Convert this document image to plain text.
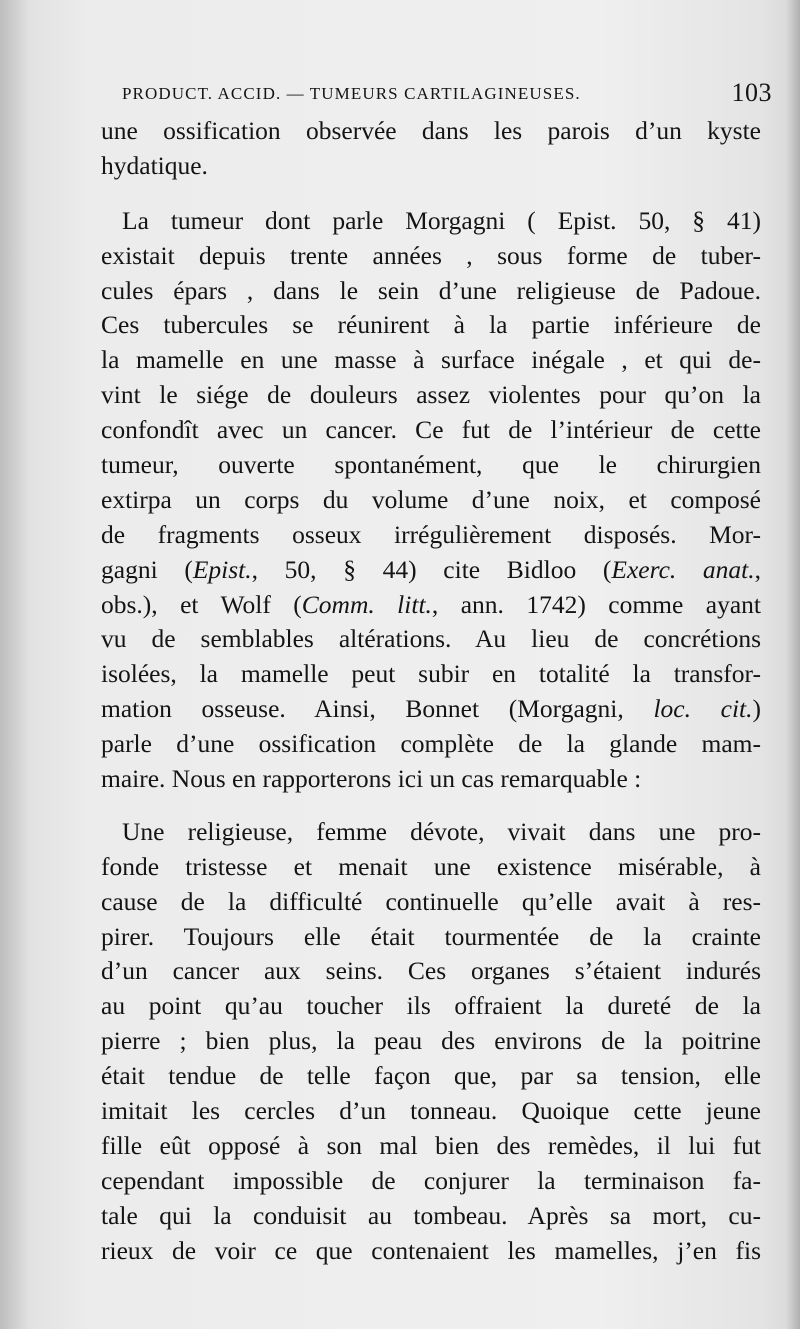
PRODUCT. ACCID. — TUMEURS CARTILAGINEUSES.	103
une ossification observée dans les parois d’un kyste
hydatique.
La tumeur dont parle Morgagni ( Epist. 50, § 41)
existait depuis trente années , sous forme de tuber-
cules épars , dans le sein d’une religieuse de Padoue.
Ces tubercules se réunirent à la partie inférieure de
la mamelle en une masse à surface inégale , et qui de-
vint le siége de douleurs assez violentes pour qu’on la
confondît avec un cancer. Ce fut de l’intérieur de cette
tumeur, ouverte spontanément, que le chirurgien
extirpa un corps du volume d’une noix, et composé
de fragments osseux irrégulièrement disposés. Mor-
gagni (Epist., 50, § 44) cite Bidloo (Exerc. anat.,
obs.), et Wolf (Comm. litt., ann. 1742) comme ayant
vu de semblables altérations. Au lieu de concrétions
isolées, la mamelle peut subir en totalité la transfor-
mation osseuse. Ainsi, Bonnet (Morgagni, loc. cit.)
parle d’une ossification complète de la glande mam-
maire. Nous en rapporterons ici un cas remarquable :
Une religieuse, femme dévote, vivait dans une pro-
fonde tristesse et menait une existence misérable, à
cause de la difficulté continuelle qu’elle avait à res-
pirer. Toujours elle était tourmentée de la crainte
d’un cancer aux seins. Ces organes s’étaient indurés
au point qu’au toucher ils offraient la dureté de la
pierre ; bien plus, la peau des environs de la poitrine
était tendue de telle façon que, par sa tension, elle
imitait les cercles d’un tonneau. Quoique cette jeune
fille eût opposé à son mal bien des remèdes, il lui fut
cependant impossible de conjurer la terminaison fa-
tale qui la conduisit au tombeau. Après sa mort, cu-
rieux de voir ce que contenaient les mamelles, j’en fis
